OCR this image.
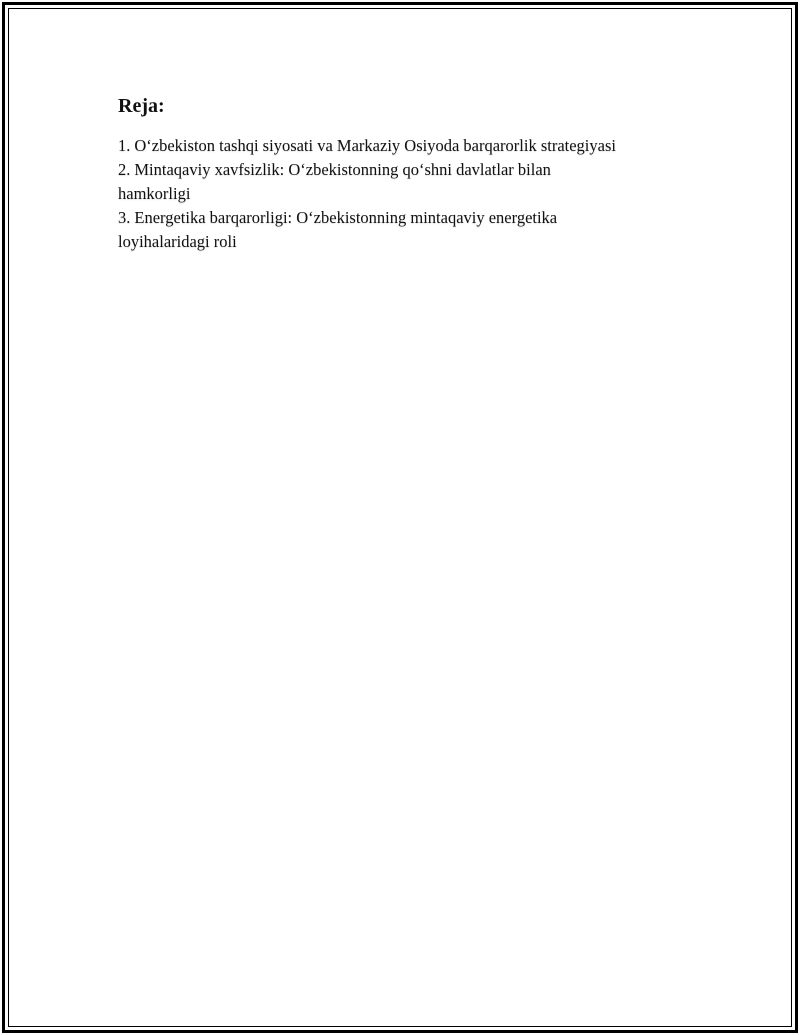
Reja:
1. O‘zbekiston tashqi siyosati va Markaziy Osiyoda barqarorlik strategiyasi
2. Mintaqaviy xavfsizlik: O‘zbekistonning qo‘shni davlatlar bilan hamkorligi
3. Energetika barqarorligi: O‘zbekistonning mintaqaviy energetika loyihalaridagi roli
